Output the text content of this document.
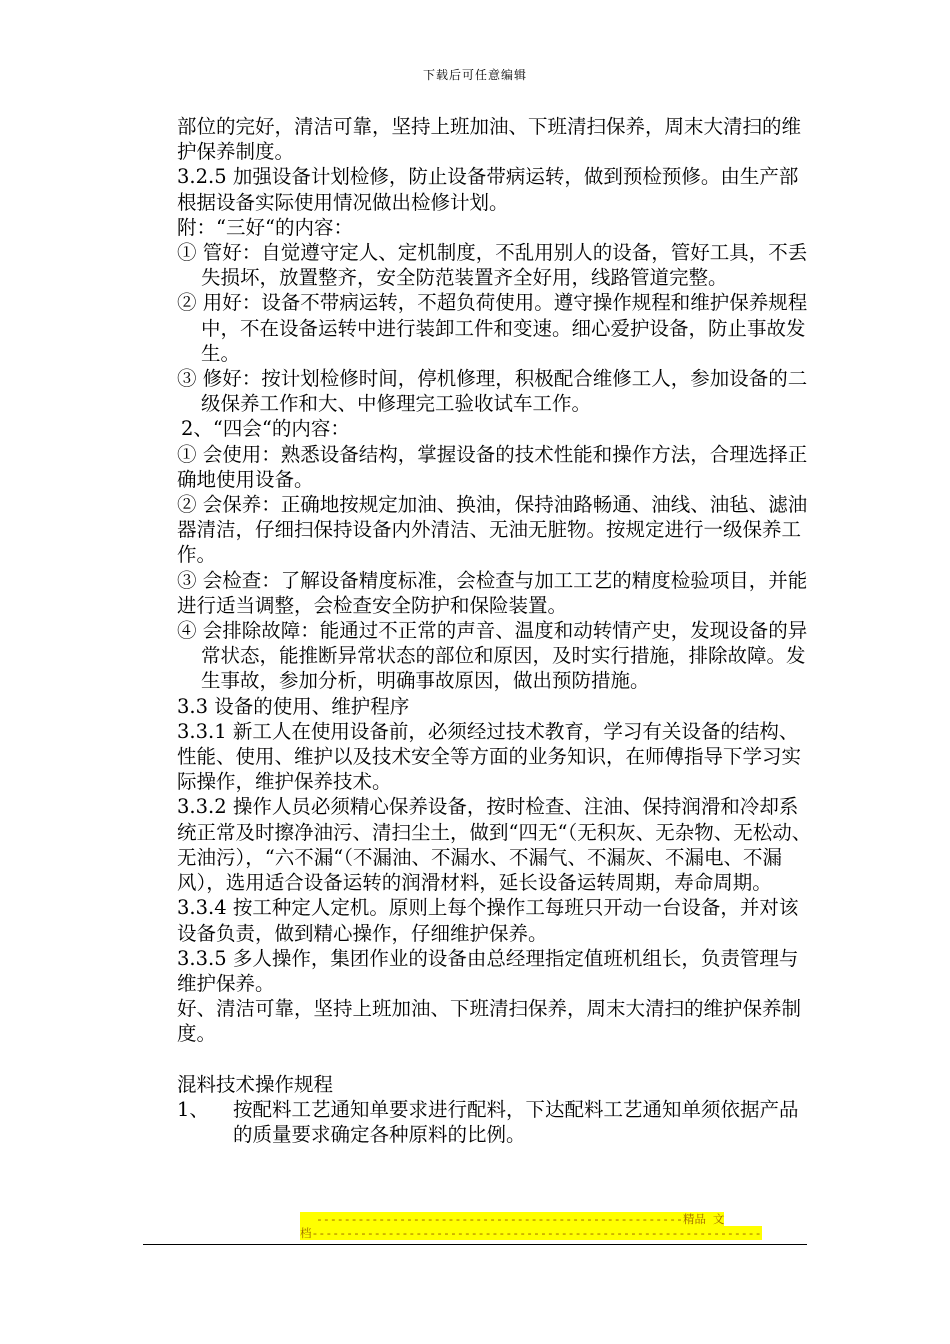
下载后可任意编辑

部位的完好，清洁可靠，坚持上班加油、下班清扫保养，周末大清扫的维护保养制度。

3.2.5 加强设备计划检修，防止设备带病运转，做到预检预修。由生产部根据设备实际使用情况做出检修计划。

附：“三好“的内容：

① 管好：自觉遵守定人、定机制度，不乱用别人的设备，管好工具，不丢失损坏，放置整齐，安全防范装置齐全好用，线路管道完整。

② 用好：设备不带病运转，不超负荷使用。遵守操作规程和维护保养规程中，不在设备运转中进行装卸工件和变速。细心爱护设备，防止事故发生。

③ 修好：按计划检修时间，停机修理，积极配合维修工人，参加设备的二级保养工作和大、中修理完工验收试车工作。

2、“四会“的内容：

① 会使用：熟悉设备结构，掌握设备的技术性能和操作方法，合理选择正确地使用设备。

② 会保养：正确地按规定加油、换油，保持油路畅通、油线、油毡、滤油器清洁，仔细扫保持设备内外清洁、无油无脏物。按规定进行一级保养工作。

③ 会检查：了解设备精度标准，会检查与加工工艺的精度检验项目，并能进行适当调整，会检查安全防护和保险装置。

④ 会排除故障：能通过不正常的声音、温度和动转情产史，发现设备的异常状态，能推断异常状态的部位和原因，及时实行措施，排除故障。发生事故，参加分析，明确事故原因，做出预防措施。

3.3 设备的使用、维护程序

3.3.1 新工人在使用设备前，必须经过技术教育，学习有关设备的结构、性能、使用、维护以及技术安全等方面的业务知识，在师傅指导下学习实际操作，维护保养技术。

3.3.2 操作人员必须精心保养设备，按时检查、注油、保持润滑和冷却系统正常及时擦净油污、清扫尘土，做到“四无“（无积灰、无杂物、无松动、无油污），“六不漏“（不漏油、不漏水、不漏气、不漏灰、不漏电、不漏风），选用适合设备运转的润滑材料，延长设备运转周期，寿命周期。

3.3.4 按工种定人定机。原则上每个操作工每班只开动一台设备，并对该设备负责，做到精心操作，仔细维护保养。

3.3.5 多人操作，集团作业的设备由总经理指定值班机组长，负责管理与维护保养。

好、清洁可靠，坚持上班加油、下班清扫保养，周末大清扫的维护保养制度。

混料技术操作规程

1、	按配料工艺通知单要求进行配料，下达配料工艺通知单须依据产品的质量要求确定各种原料的比例。
-----------------------------------------------------精品 文
档-----------------------------------------------------------------
